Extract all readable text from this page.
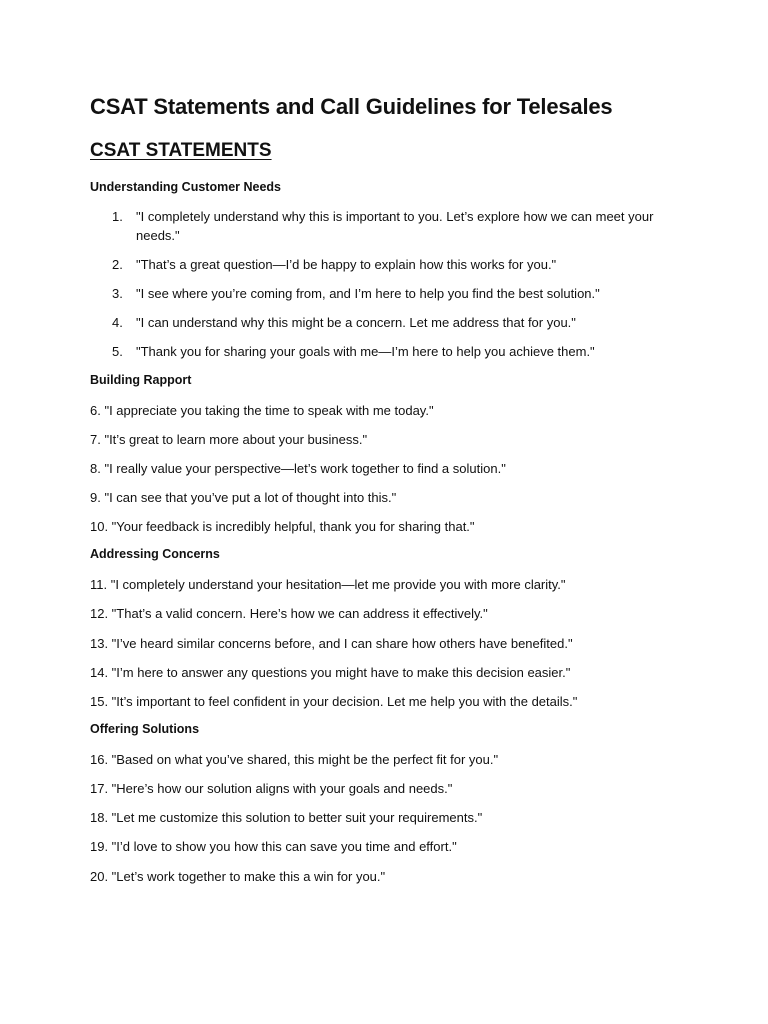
CSAT Statements and Call Guidelines for Telesales
CSAT STATEMENTS
Understanding Customer Needs
1.	"I completely understand why this is important to you. Let’s explore how we can meet your needs."
2.	"That’s a great question—I’d be happy to explain how this works for you."
3.	"I see where you’re coming from, and I’m here to help you find the best solution."
4.	"I can understand why this might be a concern. Let me address that for you."
5.	"Thank you for sharing your goals with me—I’m here to help you achieve them."
Building Rapport
6. "I appreciate you taking the time to speak with me today."
7. "It’s great to learn more about your business."
8. "I really value your perspective—let’s work together to find a solution."
9. "I can see that you’ve put a lot of thought into this."
10. "Your feedback is incredibly helpful, thank you for sharing that."
Addressing Concerns
11. "I completely understand your hesitation—let me provide you with more clarity."
12. "That’s a valid concern. Here’s how we can address it effectively."
13. "I’ve heard similar concerns before, and I can share how others have benefited."
14. "I’m here to answer any questions you might have to make this decision easier."
15. "It’s important to feel confident in your decision. Let me help you with the details."
Offering Solutions
16. "Based on what you’ve shared, this might be the perfect fit for you."
17. "Here’s how our solution aligns with your goals and needs."
18. "Let me customize this solution to better suit your requirements."
19. "I’d love to show you how this can save you time and effort."
20. "Let’s work together to make this a win for you."
